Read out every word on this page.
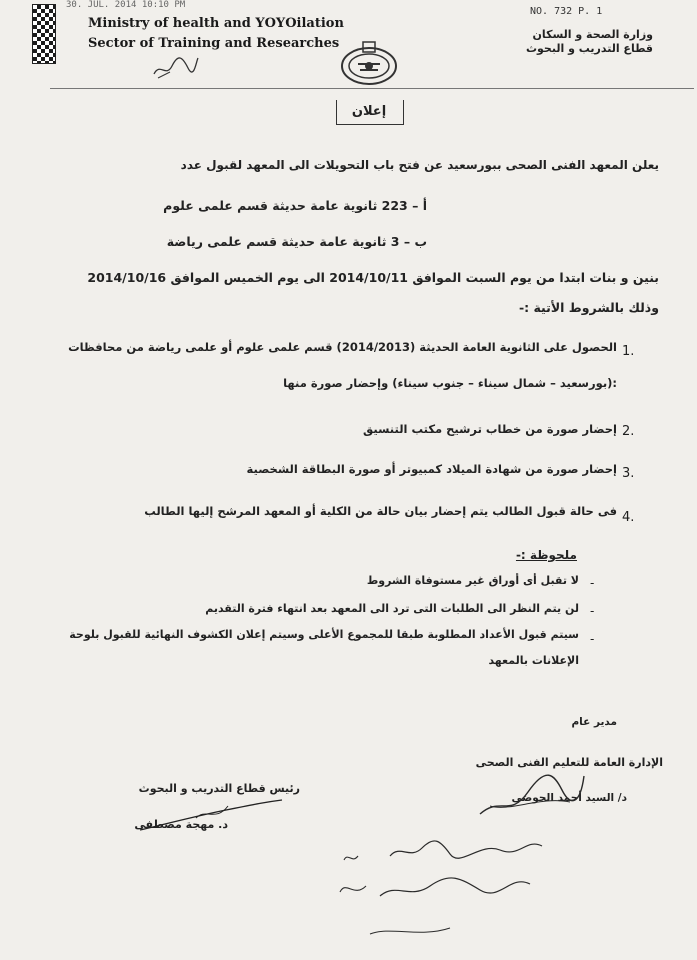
30. JUL. 2014 10:10 PM
NO. 732 P. 1
Ministry of health and YOYOilation
Sector of Training and Researches
وزارة الصحة و السكان
قطاع التدريب و البحوث
إعلان
يعلن المعهد الفنى الصحى ببورسعيد عن فتح باب التحويلات الى المعهد لقبول عدد
أ – 223 ثانوية عامة حديثة قسم علمى علوم
ب – 3 ثانوية عامة حديثة قسم علمى رياضة
بنين و بنات ابتدا من يوم السبت الموافق 2014/10/11 الى يوم الخميس الموافق 2014/10/16
وذلك بالشروط الأتية :-
1.
الحصول على الثانوية العامة الحديثة (2014/2013) قسم علمى علوم أو علمى رياضة من محافظات
:(بورسعيد – شمال سيناء – جنوب سيناء) وإحضار صورة منها
2.
إحضار صورة من خطاب ترشيح مكتب التنسيق
3.
إحضار صورة من شهادة الميلاد كمبيوتر أو صورة البطاقة الشخصية
4.
فى حالة قبول الطالب يتم إحضار بيان حالة من الكلية أو المعهد المرشح إليها الطالب
ملحوظة :-
-
لا تقبل أى أوراق غير مستوفاة الشروط
-
لن يتم النظر الى الطلبات التى ترد الى المعهد بعد انتهاء فترة التقديم
-
سيتم قبول الأعداد المطلوبة طبقا للمجموع الأعلى وسيتم إعلان الكشوف النهائية للقبول بلوحة
الإعلانات بالمعهد
مدير عام
الإدارة العامة للتعليم الفنى الصحى
د/ السيد أحمد الحوضى
رئيس قطاع التدريب و البحوث
د. مهجة مصطفى
